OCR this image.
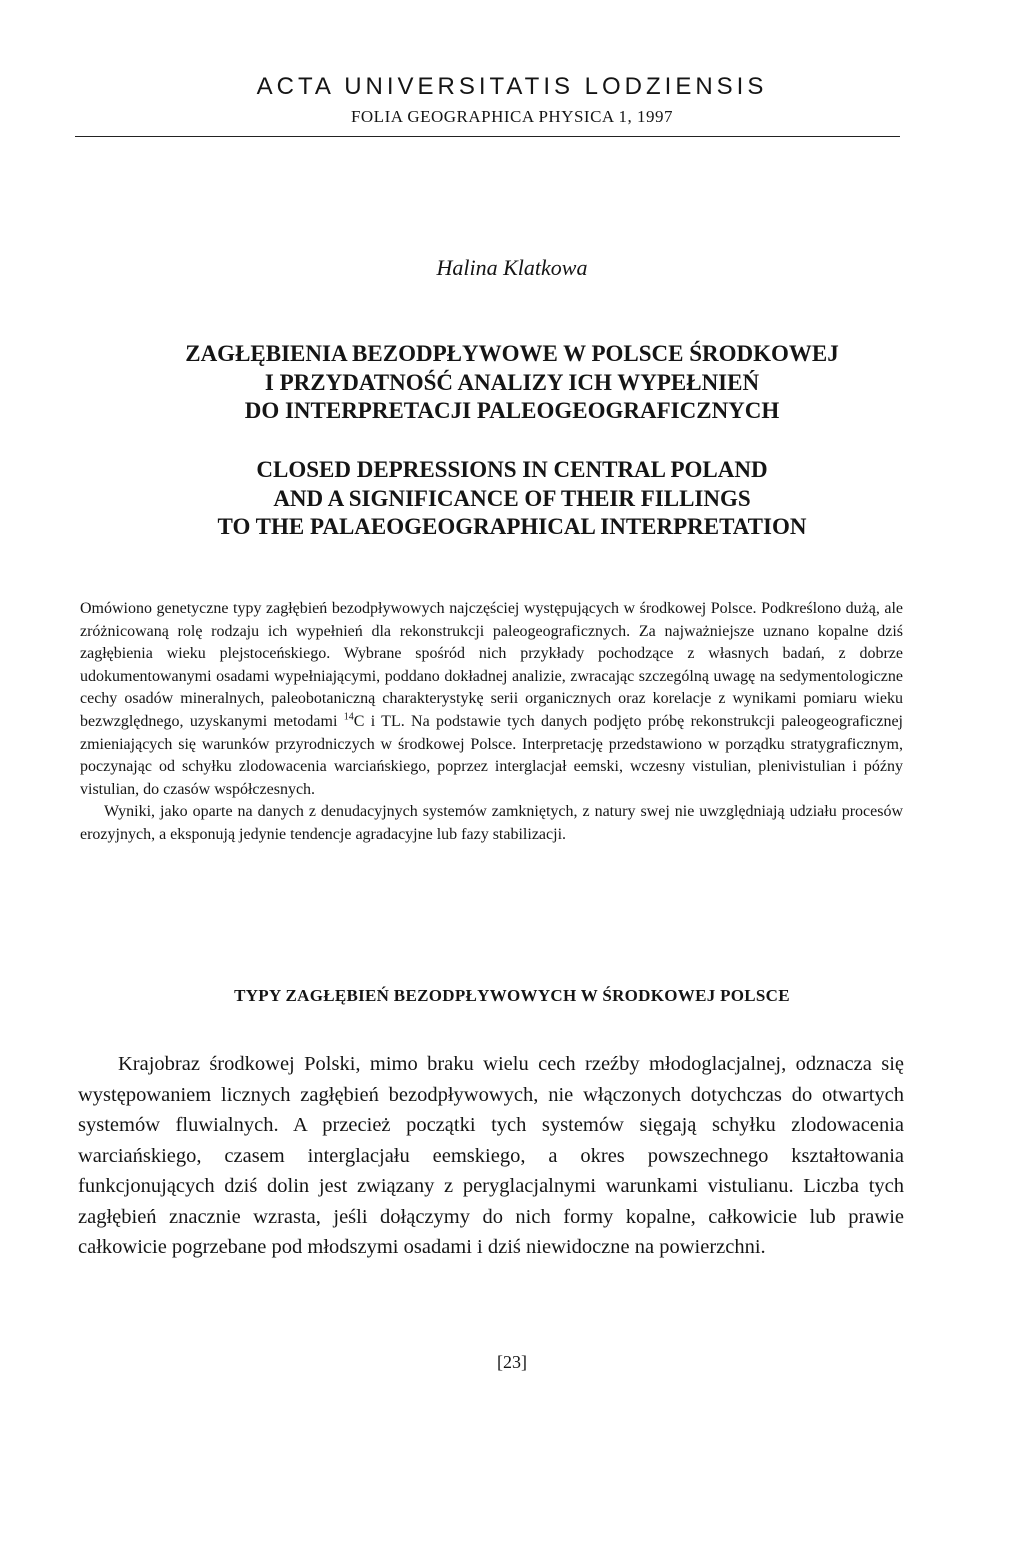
ACTA UNIVERSITATIS LODZIENSIS
FOLIA GEOGRAPHICA PHYSICA 1, 1997
Halina Klatkowa
ZAGŁĘBIENIA BEZODPŁYWOWE W POLSCE ŚRODKOWEJ
I PRZYDATNOŚĆ ANALIZY ICH WYPEŁNIEŃ
DO INTERPRETACJI PALEOGEOGRAFICZNYCH
CLOSED DEPRESSIONS IN CENTRAL POLAND
AND A SIGNIFICANCE OF THEIR FILLINGS
TO THE PALAEOGEOGRAPHICAL INTERPRETATION

Omówiono genetyczne typy zagłębień bezodpływowych najczęściej występujących w środkowej Polsce. Podkreślono dużą, ale zróżnicowaną rolę rodzaju ich wypełnień dla rekonstrukcji paleogeograficznych. Za najważniejsze uznano kopalne dziś zagłębienia wieku plejstoceńskiego. Wybrane spośród nich przykłady pochodzące z własnych badań, z dobrze udokumentowanymi osadami wypełniającymi, poddano dokładnej analizie, zwracając szczególną uwagę na sedymentologiczne cechy osadów mineralnych, paleobotaniczną charakterystykę serii organicznych oraz korelacje z wynikami pomiaru wieku bezwzględnego, uzyskanymi metodami $^{14}$C i TL. Na podstawie tych danych podjęto próbę rekonstrukcji paleogeograficznej zmieniających się warunków przyrodniczych w środkowej Polsce. Interpretację przedstawiono w porządku stratygraficznym, poczynając od schyłku zlodowacenia warciańskiego, poprzez interglacjał eemski, wczesny vistulian, plenivistulian i późny vistulian, do czasów współczesnych.

Wyniki, jako oparte na danych z denudacyjnych systemów zamkniętych, z natury swej nie uwzględniają udziału procesów erozyjnych, a eksponują jedynie tendencje agradacyjne lub fazy stabilizacji.

TYPY ZAGŁĘBIEŃ BEZODPŁYWOWYCH W ŚRODKOWEJ POLSCE

Krajobraz środkowej Polski, mimo braku wielu cech rzeźby młodoglacjalnej, odznacza się występowaniem licznych zagłębień bezodpływowych, nie włączonych dotychczas do otwartych systemów fluwialnych. A przecież początki tych systemów sięgają schyłku zlodowacenia warciańskiego, czasem interglacjału eemskiego, a okres powszechnego kształtowania funkcjonujących dziś dolin jest związany z peryglacjalnymi warunkami vistulianu. Liczba tych zagłębień znacznie wzrasta, jeśli dołączymy do nich formy kopalne, całkowicie lub prawie całkowicie pogrzebane pod młodszymi osadami i dziś niewidoczne na powierzchni.

[23]
